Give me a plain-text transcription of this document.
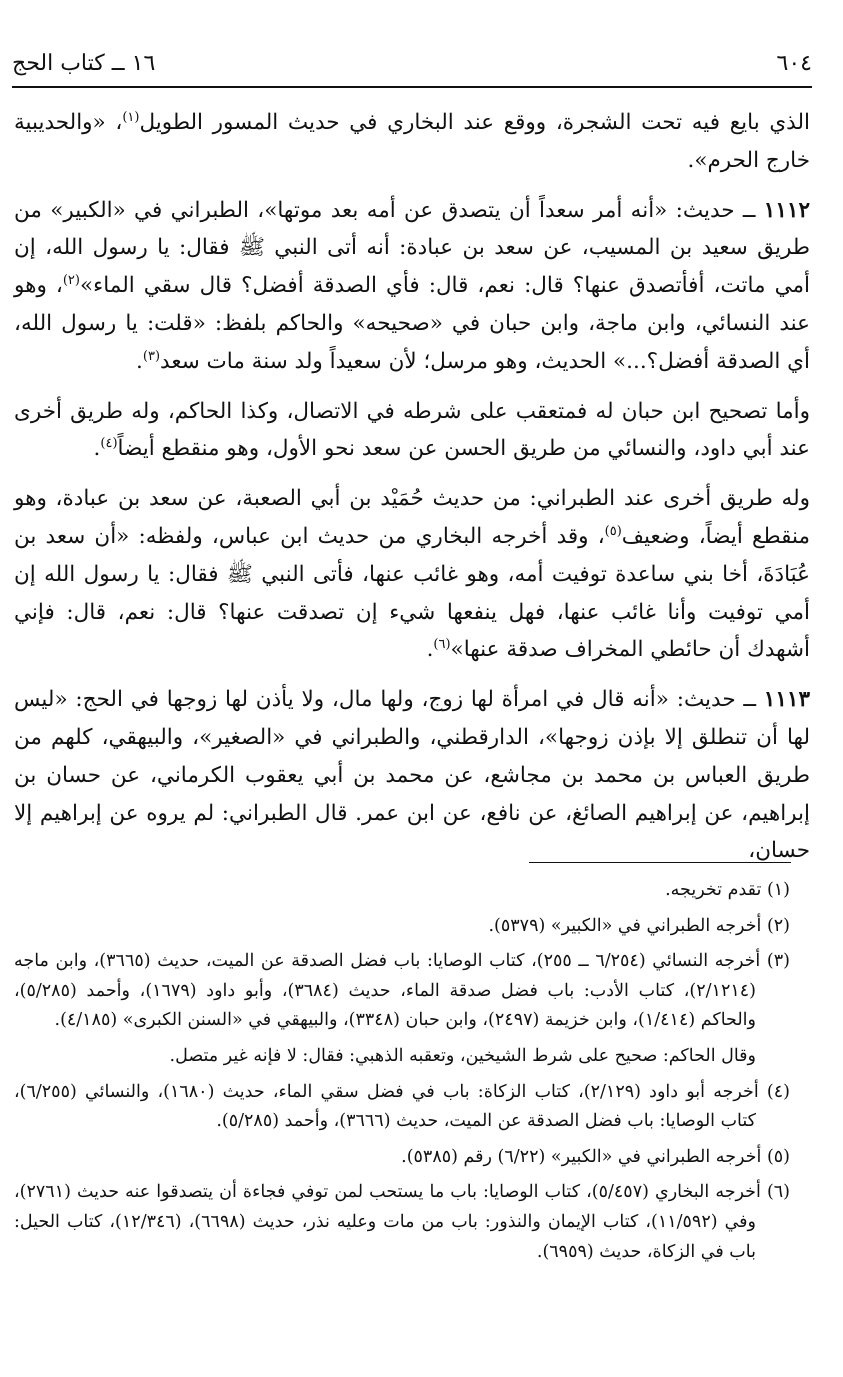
٦٠٤
١٦ ــ كتاب الحج

الذي بايع فيه تحت الشجرة، ووقع عند البخاري في حديث المسور الطويل$^{(١)}$، «والحديبية خارج الحرم».

١١١٢ ــ حديث: «أنه أمر سعداً أن يتصدق عن أمه بعد موتها»، الطبراني في «الكبير» من طريق سعيد بن المسيب، عن سعد بن عبادة: أنه أتى النبي ﷺ فقال: يا رسول الله، إن أمي ماتت، أفأتصدق عنها؟ قال: نعم، قال: فأي الصدقة أفضل؟ قال سقي الماء»$^{(٢)}$، وهو عند النسائي، وابن ماجة، وابن حبان في «صحيحه» والحاكم بلفظ: «قلت: يا رسول الله، أي الصدقة أفضل؟...» الحديث، وهو مرسل؛ لأن سعيداً ولد سنة مات سعد$^{(٣)}$.

وأما تصحيح ابن حبان له فمتعقب على شرطه في الاتصال، وكذا الحاكم، وله طريق أخرى عند أبي داود، والنسائي من طريق الحسن عن سعد نحو الأول، وهو منقطع أيضاً$^{(٤)}$.

وله طريق أخرى عند الطبراني: من حديث حُمَيْد بن أبي الصعبة، عن سعد بن عبادة، وهو منقطع أيضاً، وضعيف$^{(٥)}$، وقد أخرجه البخاري من حديث ابن عباس، ولفظه: «أن سعد بن عُبَادَةَ، أخا بني ساعدة توفيت أمه، وهو غائب عنها، فأتى النبي ﷺ فقال: يا رسول الله إن أمي توفيت وأنا غائب عنها، فهل ينفعها شيء إن تصدقت عنها؟ قال: نعم، قال: فإني أشهدك أن حائطي المخراف صدقة عنها»$^{(٦)}$.

١١١٣ ــ حديث: «أنه قال في امرأة لها زوج، ولها مال، ولا يأذن لها زوجها في الحج: «ليس لها أن تنطلق إلا بإذن زوجها»، الدارقطني، والطبراني في «الصغير»، والبيهقي، كلهم من طريق العباس بن محمد بن مجاشع، عن محمد بن أبي يعقوب الكرماني، عن حسان بن إبراهيم، عن إبراهيم الصائغ، عن نافع، عن ابن عمر. قال الطبراني: لم يروه عن إبراهيم إلا حسان،

(١) تقدم تخريجه.

(٢) أخرجه الطبراني في «الكبير» (٥٣٧٩).

(٣) أخرجه النسائي (٦/٢٥٤ ــ ٢٥٥)، كتاب الوصايا: باب فضل الصدقة عن الميت، حديث (٣٦٦٥)، وابن ماجه (٢/١٢١٤)، كتاب الأدب: باب فضل صدقة الماء، حديث (٣٦٨٤)، وأبو داود (١٦٧٩)، وأحمد (٥/٢٨٥)، والحاكم (١/٤١٤)، وابن خزيمة (٢٤٩٧)، وابن حبان (٣٣٤٨)، والبيهقي في «السنن الكبرى» (٤/١٨٥).

وقال الحاكم: صحيح على شرط الشيخين، وتعقبه الذهبي: فقال: لا فإنه غير متصل.

(٤) أخرجه أبو داود (٢/١٢٩)، كتاب الزكاة: باب في فضل سقي الماء، حديث (١٦٨٠)، والنسائي (٦/٢٥٥)، كتاب الوصايا: باب فضل الصدقة عن الميت، حديث (٣٦٦٦)، وأحمد (٥/٢٨٥).

(٥) أخرجه الطبراني في «الكبير» (٦/٢٢) رقم (٥٣٨٥).

(٦) أخرجه البخاري (٥/٤٥٧)، كتاب الوصايا: باب ما يستحب لمن توفي فجاءة أن يتصدقوا عنه حديث (٢٧٦١)، وفي (١١/٥٩٢)، كتاب الإيمان والنذور: باب من مات وعليه نذر، حديث (٦٦٩٨)، (١٢/٣٤٦)، كتاب الحيل: باب في الزكاة، حديث (٦٩٥٩).
